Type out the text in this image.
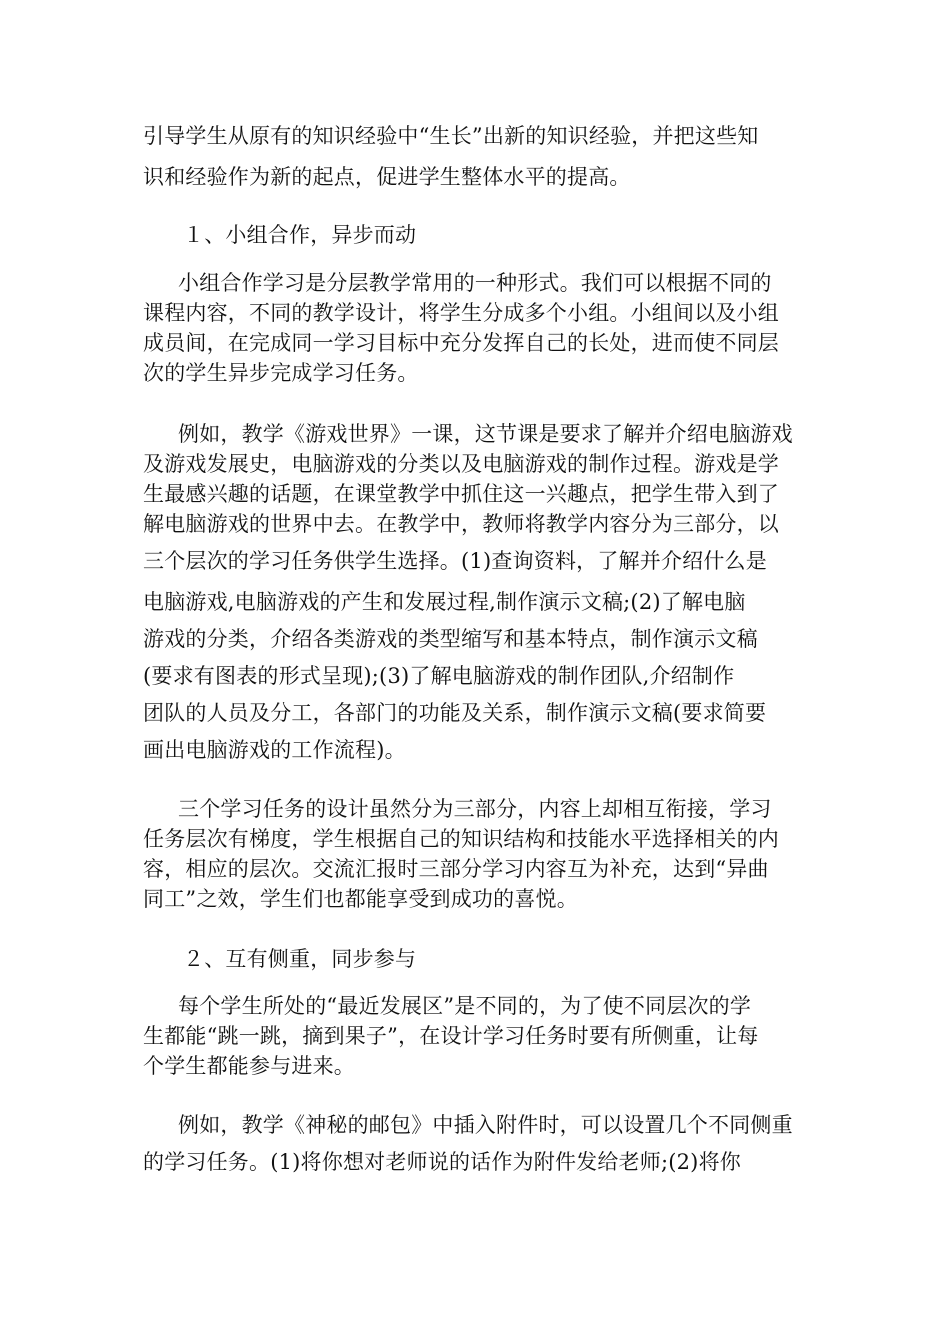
引导学生从原有的知识经验中“生长”出新的知识经验，并把这些知
识和经验作为新的起点，促进学生整体水平的提高。
１、小组合作，异步而动
小组合作学习是分层教学常用的一种形式。我们可以根据不同的
课程内容，不同的教学设计，将学生分成多个小组。小组间以及小组
成员间，在完成同一学习目标中充分发挥自己的长处，进而使不同层
次的学生异步完成学习任务。
例如，教学《游戏世界》一课，这节课是要求了解并介绍电脑游戏
及游戏发展史，电脑游戏的分类以及电脑游戏的制作过程。游戏是学
生最感兴趣的话题，在课堂教学中抓住这一兴趣点，把学生带入到了
解电脑游戏的世界中去。在教学中，教师将教学内容分为三部分，以
三个层次的学习任务供学生选择。(1)查询资料，了解并介绍什么是
电脑游戏,电脑游戏的产生和发展过程,制作演示文稿;(2)了解电脑
游戏的分类，介绍各类游戏的类型缩写和基本特点，制作演示文稿
(要求有图表的形式呈现);(3)了解电脑游戏的制作团队,介绍制作
团队的人员及分工，各部门的功能及关系，制作演示文稿(要求简要
画出电脑游戏的工作流程)。
三个学习任务的设计虽然分为三部分，内容上却相互衔接，学习
任务层次有梯度，学生根据自己的知识结构和技能水平选择相关的内
容，相应的层次。交流汇报时三部分学习内容互为补充，达到“异曲
同工”之效，学生们也都能享受到成功的喜悦。
２、互有侧重，同步参与
每个学生所处的“最近发展区”是不同的，为了使不同层次的学
生都能“跳一跳，摘到果子”，在设计学习任务时要有所侧重，让每
个学生都能参与进来。
例如，教学《神秘的邮包》中插入附件时，可以设置几个不同侧重
的学习任务。(1)将你想对老师说的话作为附件发给老师;(2)将你
